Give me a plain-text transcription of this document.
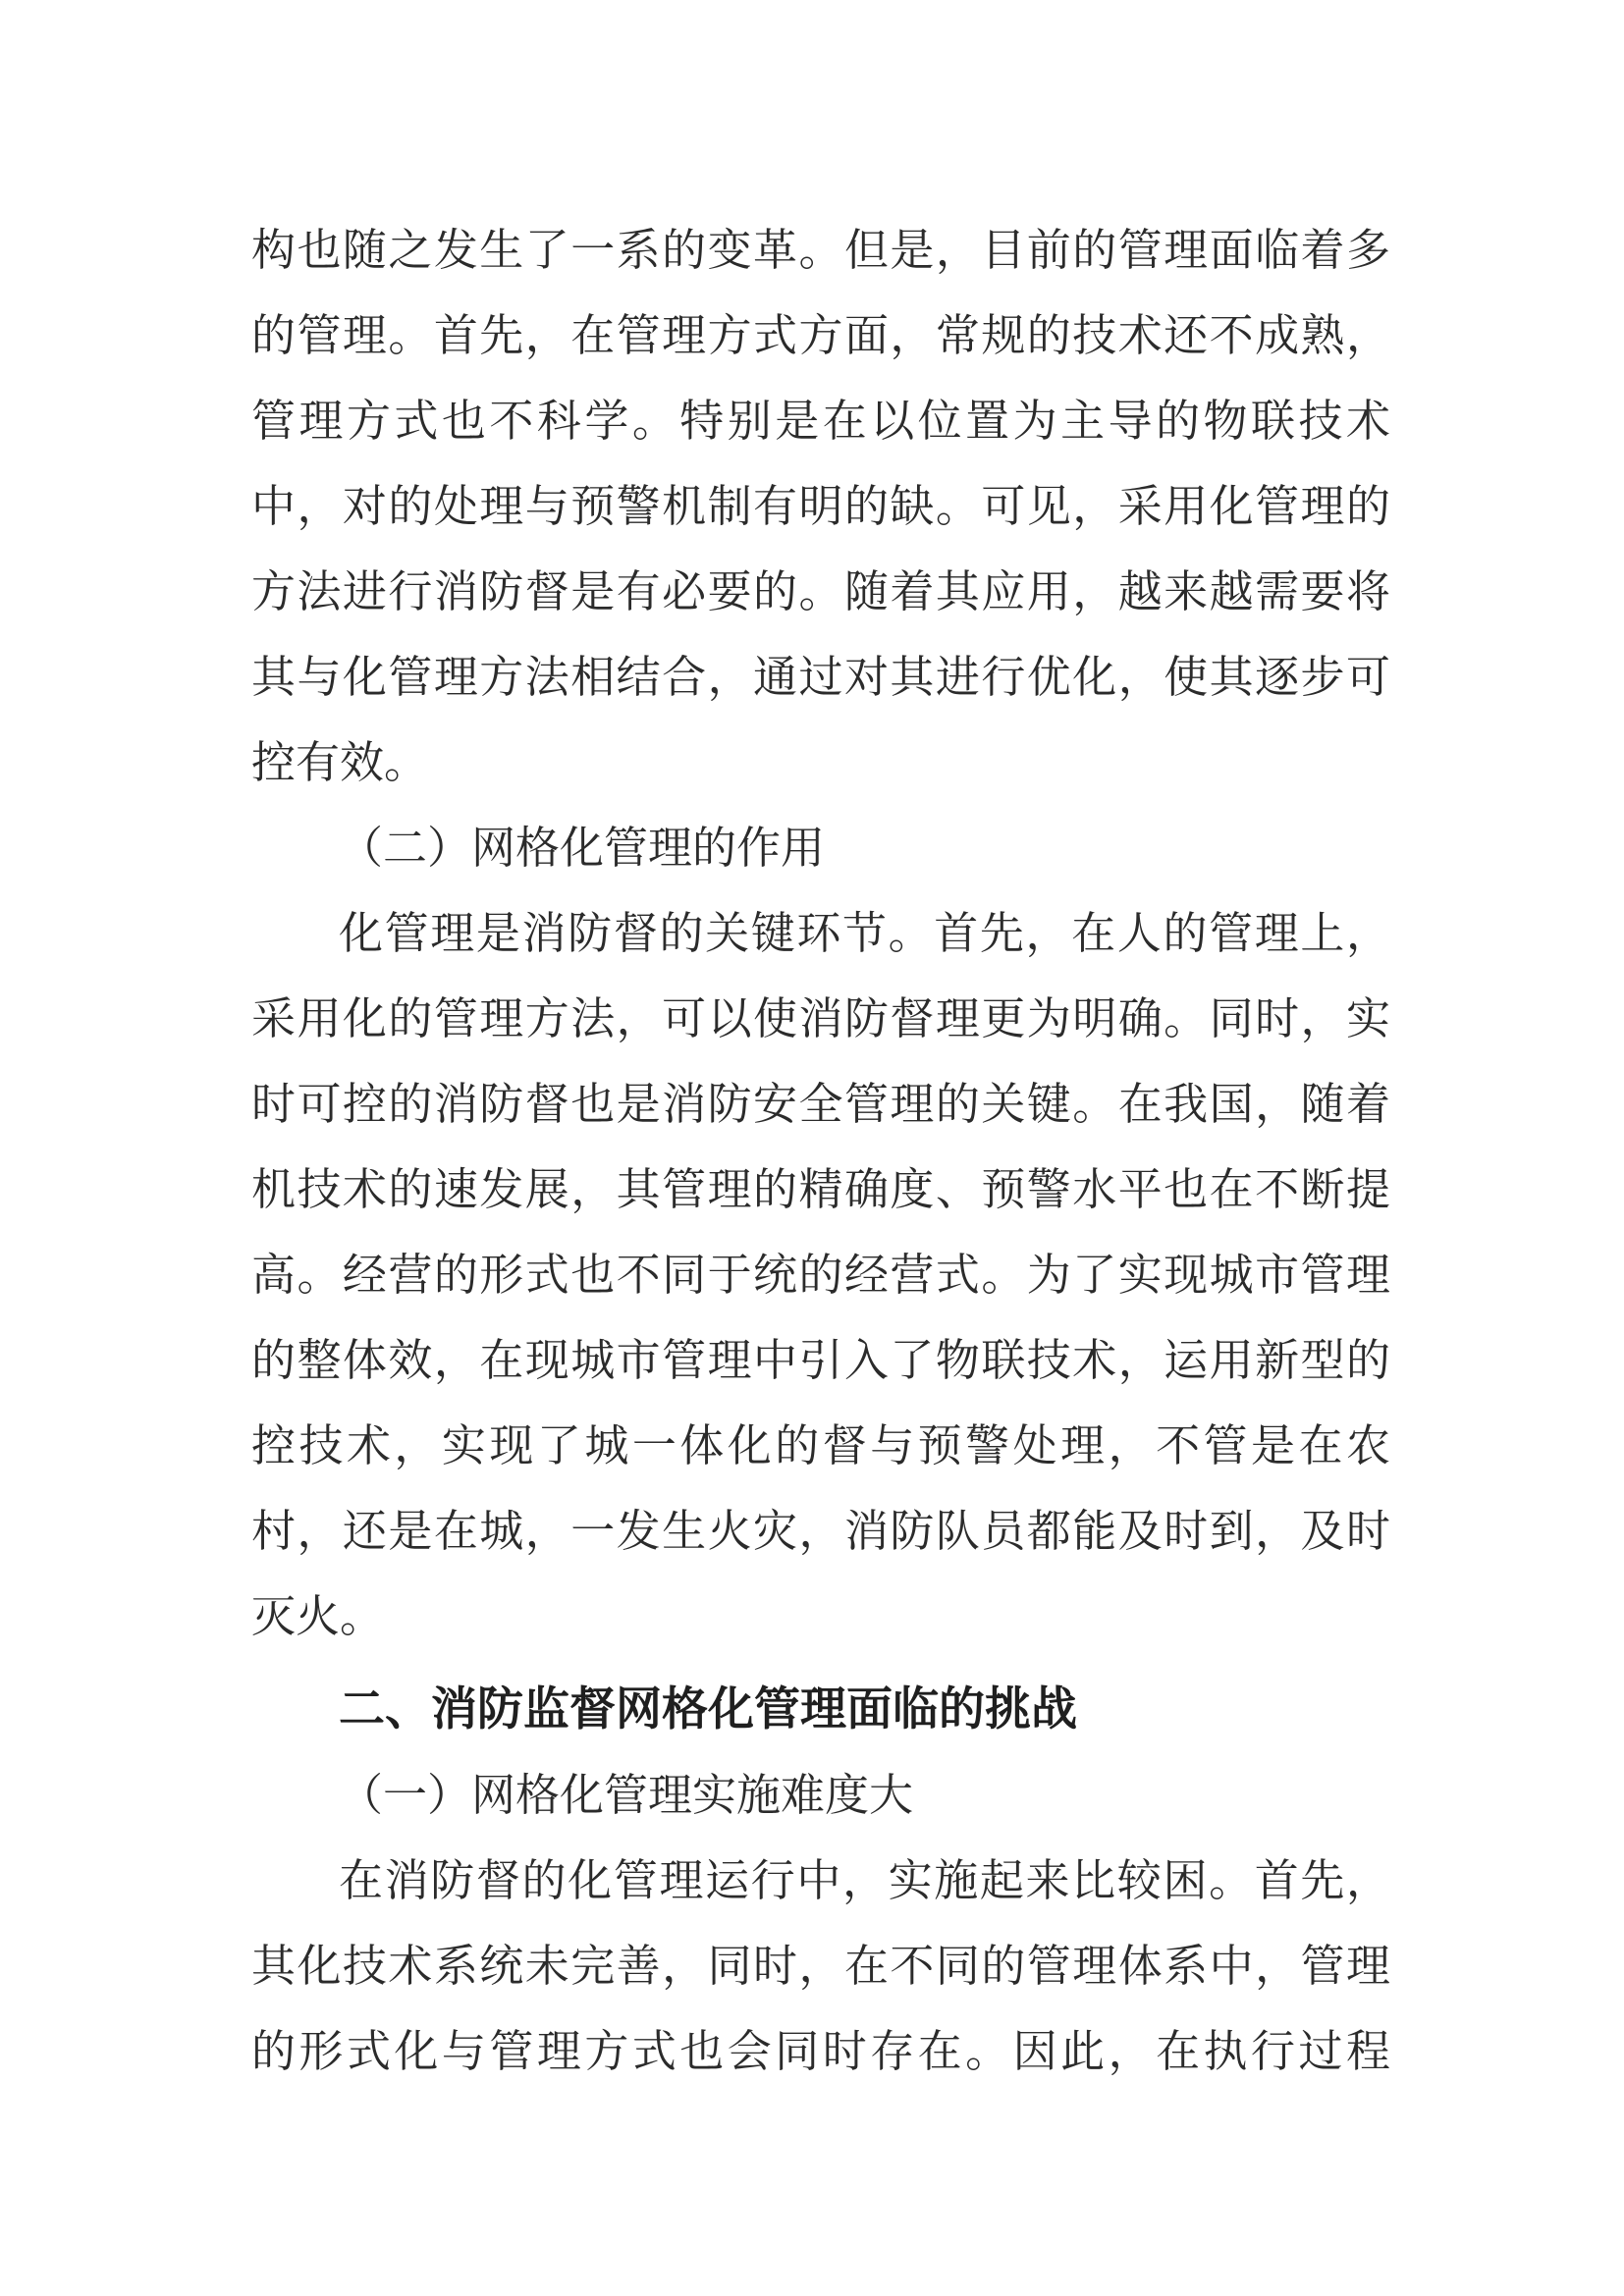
构也随之发生了一系的变革。但是，目前的管理面临着多
的管理。首先，在管理方式方面，常规的技术还不成熟，
管理方式也不科学。特别是在以位置为主导的物联技术
中，对的处理与预警机制有明的缺。可见，采用化管理的
方法进行消防督是有必要的。随着其应用，越来越需要将
其与化管理方法相结合，通过对其进行优化，使其逐步可
控有效。
（二）网格化管理的作用
化管理是消防督的关键环节。首先，在人的管理上，
采用化的管理方法，可以使消防督理更为明确。同时，实
时可控的消防督也是消防安全管理的关键。在我国，随着
机技术的速发展，其管理的精确度、预警水平也在不断提
高。经营的形式也不同于统的经营式。为了实现城市管理
的整体效，在现城市管理中引入了物联技术，运用新型的
控技术，实现了城一体化的督与预警处理，不管是在农
村，还是在城，一发生火灾，消防队员都能及时到，及时
灭火。
二、消防监督网格化管理面临的挑战
（一）网格化管理实施难度大
在消防督的化管理运行中，实施起来比较困。首先，
其化技术系统未完善，同时，在不同的管理体系中，管理
的形式化与管理方式也会同时存在。因此，在执行过程
